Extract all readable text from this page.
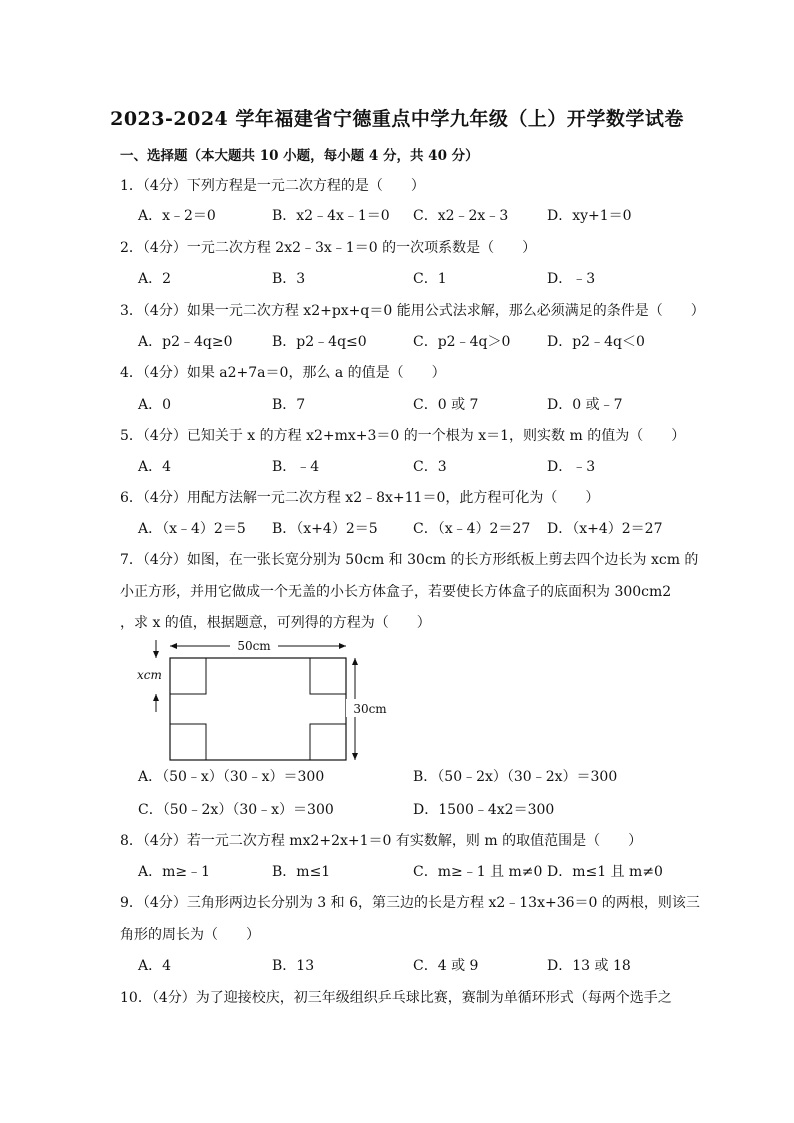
2023-2024 学年福建省宁德重点中学九年级（上）开学数学试卷
一、选择题（本大题共 10 小题，每小题 4 分，共 40 分）
1．（4分）下列方程是一元二次方程的是（　　）
A．x﹣2＝0	B．x2﹣4x﹣1＝0 C．x2﹣2x﹣3	D．xy+1＝0
2．（4分）一元二次方程 2x2﹣3x﹣1＝0 的一次项系数是（　　）
A．2	B．3	C．1	D．﹣3
3．（4分）如果一元二次方程 x2+px+q＝0 能用公式法求解，那么必须满足的条件是（　　）
A．p2﹣4q≥0	B．p2﹣4q≤0	C．p2﹣4q＞0	D．p2﹣4q＜0
4．（4分）如果 a2+7a＝0，那么 a 的值是（　　）
A．0	B．7	C．0 或 7	D．0 或﹣7
5．（4分）已知关于 x 的方程 x2+mx+3＝0 的一个根为 x＝1，则实数 m 的值为（　　）
A．4	B．﹣4	C．3	D．﹣3
6．（4分）用配方法解一元二次方程 x2﹣8x+11＝0，此方程可化为（　　）
A．（x﹣4）2＝5 B．（x+4）2＝5	C．（x﹣4）2＝27 D．（x+4）2＝27
7．（4分）如图，在一张长宽分别为 50cm 和 30cm 的长方形纸板上剪去四个边长为 xcm 的
小正方形，并用它做成一个无盖的小长方体盒子，若要使长方体盒子的底面积为 300cm2
，求 x 的值，根据题意，可列得的方程为（　　）
50cm
30cm
xcm
A．（50﹣x）（30﹣x）＝300	B．（50﹣2x）（30﹣2x）＝300
C．（50﹣2x）（30﹣x）＝300	D．1500﹣4x2＝300
8．（4分）若一元二次方程 mx2+2x+1＝0 有实数解，则 m 的取值范围是（　　）
A．m≥﹣1	B．m≤1	C．m≥﹣1 且 m≠0 D．m≤1 且 m≠0
9．（4分）三角形两边长分别为 3 和 6，第三边的长是方程 x2﹣13x+36＝0 的两根，则该三
角形的周长为（　　）
A．4	B．13	C．4 或 9	D．13 或 18
10．（4分）为了迎接校庆，初三年级组织乒乓球比赛，赛制为单循环形式（每两个选手之
